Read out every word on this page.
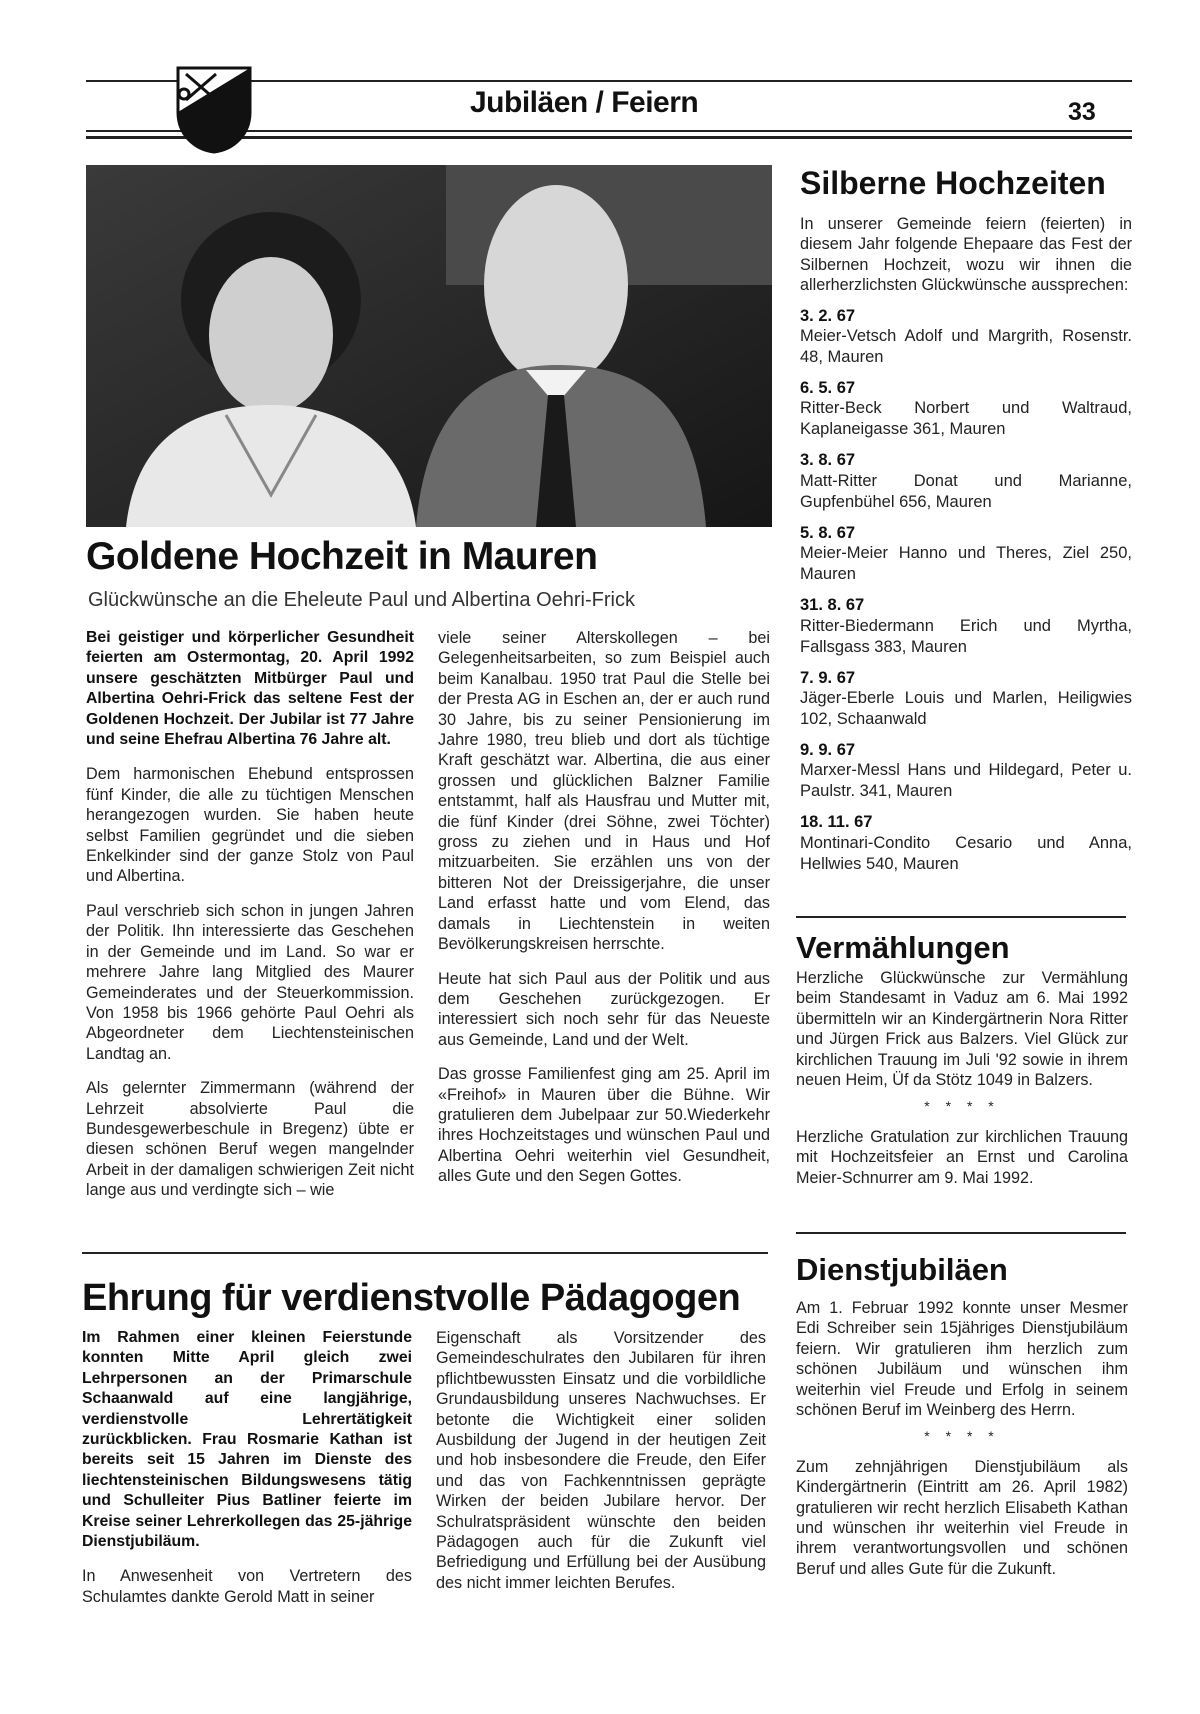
Jubiläen / Feiern	33
Goldene Hochzeit in Mauren
Glückwünsche an die Eheleute Paul und Albertina Oehri-Frick

Bei geistiger und körperlicher Gesundheit feierten am Ostermontag, 20. April 1992 unsere geschätzten Mitbürger Paul und Albertina Oehri-Frick das seltene Fest der Goldenen Hochzeit. Der Jubilar ist 77 Jahre und seine Ehefrau Albertina 76 Jahre alt.

Dem harmonischen Ehebund entsprossen fünf Kinder, die alle zu tüchtigen Menschen herangezogen wurden. Sie haben heute selbst Familien gegründet und die sieben Enkelkinder sind der ganze Stolz von Paul und Albertina.

Paul verschrieb sich schon in jungen Jahren der Politik. Ihn interessierte das Geschehen in der Gemeinde und im Land. So war er mehrere Jahre lang Mitglied des Maurer Gemeinderates und der Steuerkommission. Von 1958 bis 1966 gehörte Paul Oehri als Abgeordneter dem Liechtensteinischen Landtag an.

Als gelernter Zimmermann (während der Lehrzeit absolvierte Paul die Bundesgewerbeschule in Bregenz) übte er diesen schönen Beruf wegen mangelnder Arbeit in der damaligen schwierigen Zeit nicht lange aus und verdingte sich – wie

viele seiner Alterskollegen – bei Gelegenheitsarbeiten, so zum Beispiel auch beim Kanalbau. 1950 trat Paul die Stelle bei der Presta AG in Eschen an, der er auch rund 30 Jahre, bis zu seiner Pensionierung im Jahre 1980, treu blieb und dort als tüchtige Kraft geschätzt war. Albertina, die aus einer grossen und glücklichen Balzner Familie entstammt, half als Hausfrau und Mutter mit, die fünf Kinder (drei Söhne, zwei Töchter) gross zu ziehen und in Haus und Hof mitzuarbeiten. Sie erzählen uns von der bitteren Not der Dreissigerjahre, die unser Land erfasst hatte und vom Elend, das damals in Liechtenstein in weiten Bevölkerungskreisen herrschte.

Heute hat sich Paul aus der Politik und aus dem Geschehen zurückgezogen. Er interessiert sich noch sehr für das Neueste aus Gemeinde, Land und der Welt.

Das grosse Familienfest ging am 25. April im «Freihof» in Mauren über die Bühne. Wir gratulieren dem Jubelpaar zur 50.Wiederkehr ihres Hochzeitstages und wünschen Paul und Albertina Oehri weiterhin viel Gesundheit, alles Gute und den Segen Gottes.

Ehrung für verdienstvolle Pädagogen

Im Rahmen einer kleinen Feierstunde konnten Mitte April gleich zwei Lehrpersonen an der Primarschule Schaanwald auf eine langjährige, verdienstvolle Lehrertätigkeit zurückblicken. Frau Rosmarie Kathan ist bereits seit 15 Jahren im Dienste des liechtensteinischen Bildungswesens tätig und Schulleiter Pius Batliner feierte im Kreise seiner Lehrerkollegen das 25-jährige Dienstjubiläum.

In Anwesenheit von Vertretern des Schulamtes dankte Gerold Matt in seiner

Eigenschaft als Vorsitzender des Gemeindeschulrates den Jubilaren für ihren pflichtbewussten Einsatz und die vorbildliche Grundausbildung unseres Nachwuchses. Er betonte die Wichtigkeit einer soliden Ausbildung der Jugend in der heutigen Zeit und hob insbesondere die Freude, den Eifer und das von Fachkenntnissen geprägte Wirken der beiden Jubilare hervor. Der Schulratspräsident wünschte den beiden Pädagogen auch für die Zukunft viel Befriedigung und Erfüllung bei der Ausübung des nicht immer leichten Berufes.

Silberne Hochzeiten

In unserer Gemeinde feiern (feierten) in diesem Jahr folgende Ehepaare das Fest der Silbernen Hochzeit, wozu wir ihnen die allerherzlichsten Glückwünsche aussprechen:

3. 2. 67
Meier-Vetsch Adolf und Margrith, Rosenstr. 48, Mauren
6. 5. 67
Ritter-Beck Norbert und Waltraud, Kaplaneigasse 361, Mauren
3. 8. 67
Matt-Ritter Donat und Marianne, Gupfenbühel 656, Mauren
5. 8. 67
Meier-Meier Hanno und Theres, Ziel 250, Mauren
31. 8. 67
Ritter-Biedermann Erich und Myrtha, Fallsgass 383, Mauren
7. 9. 67
Jäger-Eberle Louis und Marlen, Heiligwies 102, Schaanwald
9. 9. 67
Marxer-Messl Hans und Hildegard, Peter u. Paulstr. 341, Mauren
18. 11. 67
Montinari-Condito Cesario und Anna, Hellwies 540, Mauren
Vermählungen

Herzliche Glückwünsche zur Vermählung beim Standesamt in Vaduz am 6. Mai 1992 übermitteln wir an Kindergärtnerin Nora Ritter und Jürgen Frick aus Balzers. Viel Glück zur kirchlichen Trauung im Juli '92 sowie in ihrem neuen Heim, Üf da Stötz 1049 in Balzers.

* * * *

Herzliche Gratulation zur kirchlichen Trauung mit Hochzeitsfeier an Ernst und Carolina Meier-Schnurrer am 9. Mai 1992.

Dienstjubiläen

Am 1. Februar 1992 konnte unser Mesmer Edi Schreiber sein 15jähriges Dienstjubiläum feiern. Wir gratulieren ihm herzlich zum schönen Jubiläum und wünschen ihm weiterhin viel Freude und Erfolg in seinem schönen Beruf im Weinberg des Herrn.

* * * *

Zum zehnjährigen Dienstjubiläum als Kindergärtnerin (Eintritt am 26. April 1982) gratulieren wir recht herzlich Elisabeth Kathan und wünschen ihr weiterhin viel Freude in ihrem verantwortungsvollen und schönen Beruf und alles Gute für die Zukunft.
